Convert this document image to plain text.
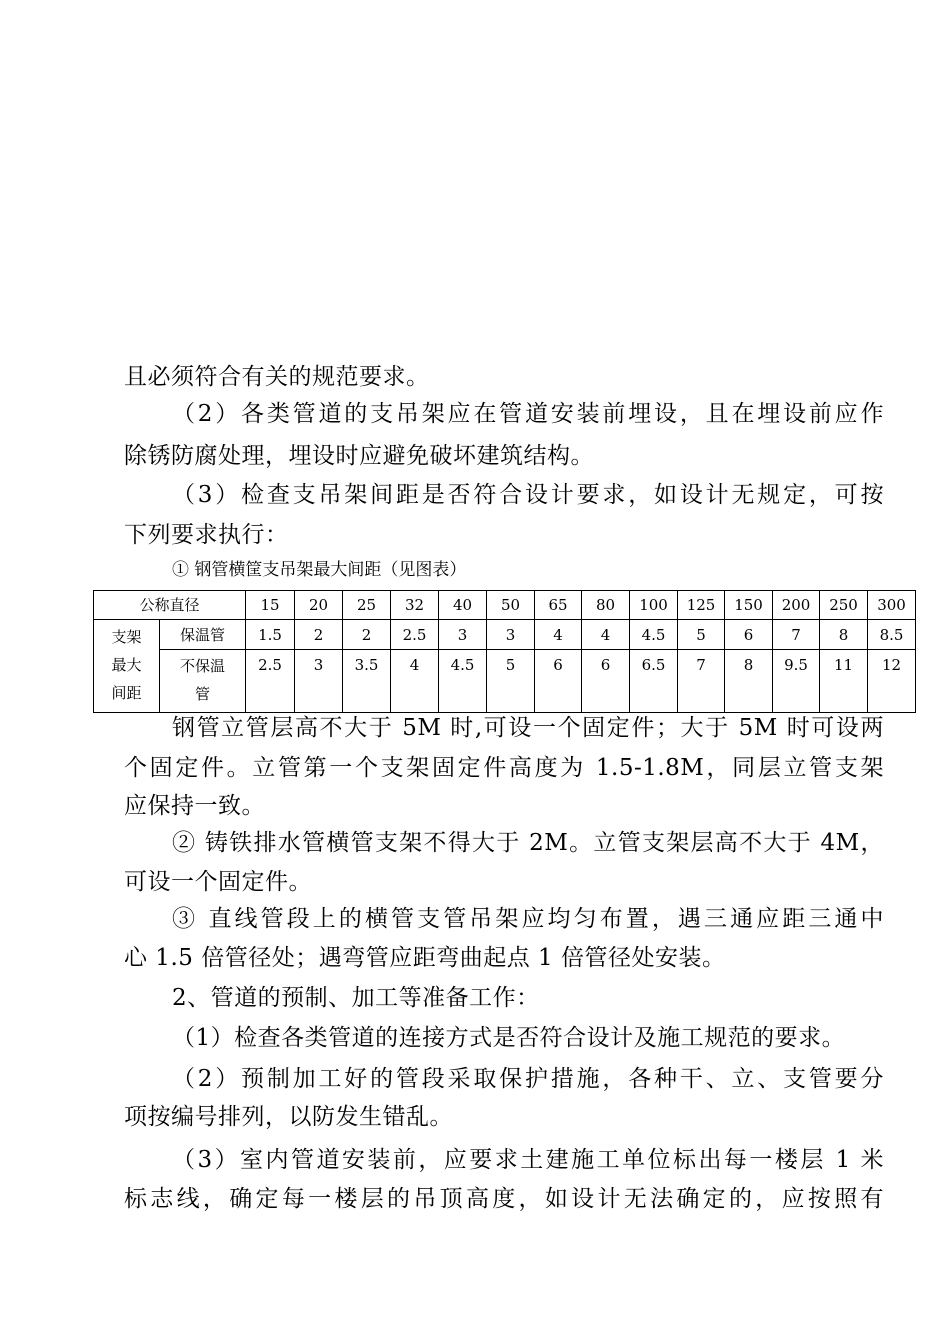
且必须符合有关的规范要求。
（2）各类管道的支吊架应在管道安装前埋设，且在埋设前应作
除锈防腐处理，埋设时应避免破坏建筑结构。
（3）检查支吊架间距是否符合设计要求，如设计无规定，可按
下列要求执行：
① 钢管横筐支吊架最大间距（见图表）
公称直径		15	20	25	32	40	50	65	80	100	125	150	200	250	300

支架
最大
间距	保温管	1.5	2	2	2.5	3	3	4	4	4.5	5	6	7	8	8.5

	不保温
管	2.5	3	3.5	4	4.5	5	6	6	6.5	7	8	9.5	11	12
钢管立管层高不大于 5M 时,可设一个固定件；大于 5M 时可设两
个固定件。立管第一个支架固定件高度为 1.5-1.8M，同层立管支架
应保持一致。
② 铸铁排水管横管支架不得大于 2M。立管支架层高不大于 4M，
可设一个固定件。
③ 直线管段上的横管支管吊架应均匀布置，遇三通应距三通中
心 1.5 倍管径处；遇弯管应距弯曲起点 1 倍管径处安装。
2、管道的预制、加工等准备工作：
（1）检查各类管道的连接方式是否符合设计及施工规范的要求。
（2）预制加工好的管段采取保护措施，各种干、立、支管要分
项按编号排列，以防发生错乱。
（3）室内管道安装前，应要求土建施工单位标出每一楼层 1 米
标志线，确定每一楼层的吊顶高度，如设计无法确定的，应按照有
